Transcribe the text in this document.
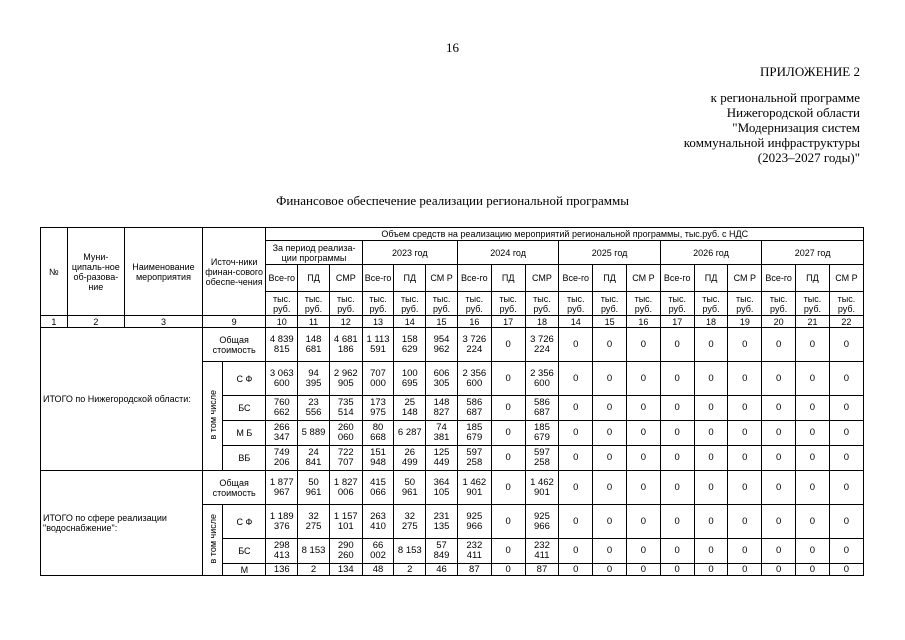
16
ПРИЛОЖЕНИЕ 2
к региональной программе
Нижегородской области
"Модернизация систем
коммунальной инфраструктуры
(2023–2027 годы)"
Финансовое обеспечение реализации региональной программы
№	Муни-ципаль-ное об-разова-ние	Наименование мероприятия	Источ-ники финан-сового обеспе-чения		Объем средств на реализацию мероприятий региональной программы, тыс.руб. с НДС																	
					За период реализа-ции программы			2023 год			2024 год			2025 год			2026 год			2027 год		
					Все-го	ПД	СМР	Все-го	ПД	СМ Р	Все-го	ПД	СМР	Все-го	ПД	СМ Р	Все-го	ПД	СМ Р	Все-го	ПД	СМ Р
					тыс. руб.	тыс. руб.	тыс. руб.	тыс. руб.	тыс. руб.	тыс. руб.	тыс. руб.	тыс. руб.	тыс. руб.	тыс. руб.	тыс. руб.	тыс. руб.	тыс. руб.	тыс. руб.	тыс. руб.	тыс. руб.	тыс. руб.	тыс. руб.
1	2	3	9		10	11	12	13	14	15	16	17	18	14	15	16	17	18	19	20	21	22
ИТОГО по Нижегородской области:			Общая стоимость		4 839 815	148 681	4 681 186	1 113 591	158 629	954 962	3 726 224	0	3 726 224	0	0	0	0	0	0	0	0	0
			в том числе	С Ф	3 063 600	94 395	2 962 905	707 000	100 695	606 305	2 356 600	0	2 356 600	0	0	0	0	0	0	0	0	0
				БС	760 662	23 556	735 514	173 975	25 148	148 827	586 687	0	586 687	0	0	0	0	0	0	0	0	0
				М Б	266 347	5 889	260 060	80 668	6 287	74 381	185 679	0	185 679	0	0	0	0	0	0	0	0	0
				ВБ	749 206	24 841	722 707	151 948	26 499	125 449	597 258	0	597 258	0	0	0	0	0	0	0	0	0
ИТОГО по сфере реализации "водоснабжение":			Общая стоимость		1 877 967	50 961	1 827 006	415 066	50 961	364 105	1 462 901	0	1 462 901	0	0	0	0	0	0	0	0	0
			в том числе	С Ф	1 189 376	32 275	1 157 101	263 410	32 275	231 135	925 966	0	925 966	0	0	0	0	0	0	0	0	0
				БС	298 413	8 153	290 260	66 002	8 153	57 849	232 411	0	232 411	0	0	0	0	0	0	0	0	0
				М	136	2	134	48	2	46	87	0	87	0	0	0	0	0	0	0	0	0
